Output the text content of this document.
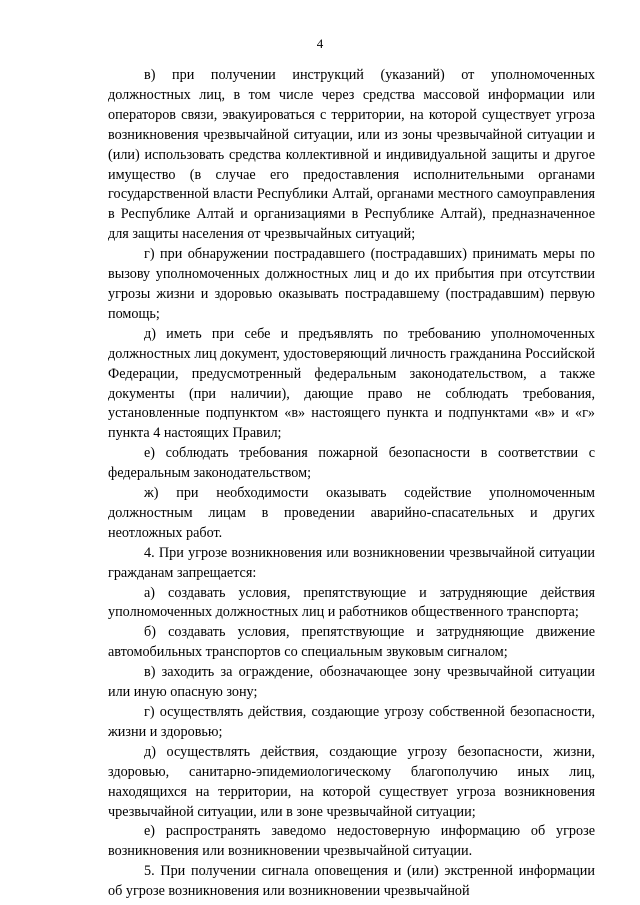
4

в) при получении инструкций (указаний) от уполномоченных должностных лиц, в том числе через средства массовой информации или операторов связи, эвакуироваться с территории, на которой существует угроза возникновения чрезвычайной ситуации, или из зоны чрезвычайной ситуации и (или) использовать средства коллективной и индивидуальной защиты и другое имущество (в случае его предоставления исполнительными органами государственной власти Республики Алтай, органами местного самоуправления в Республике Алтай и организациями в Республике Алтай), предназначенное для защиты населения от чрезвычайных ситуаций;

г) при обнаружении пострадавшего (пострадавших) принимать меры по вызову уполномоченных должностных лиц и до их прибытия при отсутствии угрозы жизни и здоровью оказывать пострадавшему (пострадавшим) первую помощь;

д) иметь при себе и предъявлять по требованию уполномоченных должностных лиц документ, удостоверяющий личность гражданина Российской Федерации, предусмотренный федеральным законодательством, а также документы (при наличии), дающие право не соблюдать требования, установленные подпунктом «в» настоящего пункта и подпунктами «в» и «г» пункта 4 настоящих Правил;

е) соблюдать требования пожарной безопасности в соответствии с федеральным законодательством;

ж) при необходимости оказывать содействие уполномоченным должностным лицам в проведении аварийно-спасательных и других неотложных работ.

4. При угрозе возникновения или возникновении чрезвычайной ситуации гражданам запрещается:

а) создавать условия, препятствующие и затрудняющие действия уполномоченных должностных лиц и работников общественного транспорта;

б) создавать условия, препятствующие и затрудняющие движение автомобильных транспортов со специальным звуковым сигналом;

в) заходить за ограждение, обозначающее зону чрезвычайной ситуации или иную опасную зону;

г) осуществлять действия, создающие угрозу собственной безопасности, жизни и здоровью;

д) осуществлять действия, создающие угрозу безопасности, жизни, здоровью, санитарно-эпидемиологическому благополучию иных лиц, находящихся на территории, на которой существует угроза возникновения чрезвычайной ситуации, или в зоне чрезвычайной ситуации;

е) распространять заведомо недостоверную информацию об угрозе возникновения или возникновении чрезвычайной ситуации.

5. При получении сигнала оповещения и (или) экстренной информации об угрозе возникновения или возникновении чрезвычайной
